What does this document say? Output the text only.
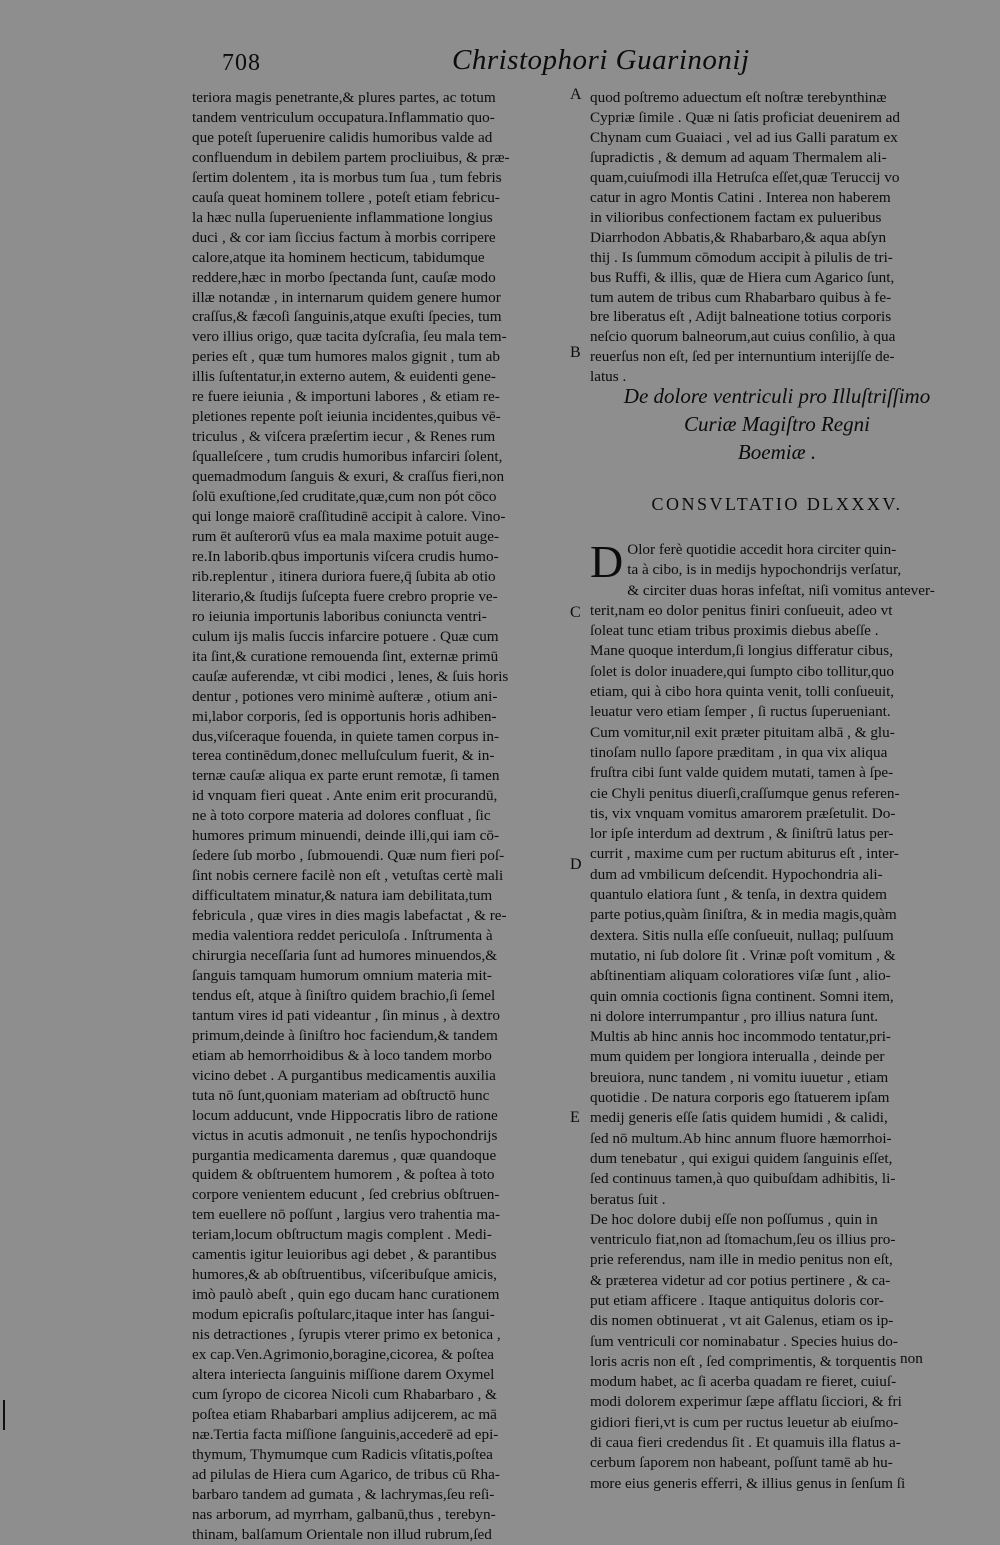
708	Christophori Guarinonij
teriora magis penetrante,& plures partes, ac totum
tandem ventriculum occupatura.Inflammatio quo-
que poteſt ſuperuenire calidis humoribus valde ad
confluendum in debilem partem procliuibus, & præ-
ſertim dolentem , ita is morbus tum ſua , tum febris
cauſa queat hominem tollere , poteſt etiam febricu-
la hæc nulla ſuperueniente inflammatione longius
duci , & cor iam ſiccius factum à morbis corripere
calore,atque ita hominem hecticum, tabidumque
reddere,hæc in morbo ſpectanda ſunt, cauſæ modo
illæ notandæ , in internarum quidem genere humor
craſſus,& fæcoſi ſanguinis,atque exuſti ſpecies, tum
vero illius origo, quæ tacita dyſcraſia, ſeu mala tem-
peries eſt , quæ tum humores malos gignit , tum ab
illis ſuſtentatur,in externo autem, & euidenti gene-
re fuere ieiunia , & importuni labores , & etiam re-
pletiones repente poſt ieiunia incidentes,quibus vē-
triculus , & viſcera præſertim iecur , & Renes rum
ſqualleſcere , tum crudis humoribus infarciri ſolent,
quemadmodum ſanguis & exuri, & craſſus fieri,non
ſolū exuſtione,ſed cruditate,quæ,cum non pót cōco
qui longe maiorē craſſitudinē accipit à calore. Vino-
rum ēt auſterorū vſus ea mala maxime potuit auge-
re.In laborib.qbus importunis viſcera crudis humo-
rib.replentur , itinera duriora fuere,q̄ ſubita ab otio
literario,& ſtudijs ſuſcepta fuere crebro proprie ve-
ro ieiunia importunis laboribus coniuncta ventri-
culum ijs malis ſuccis infarcire potuere . Quæ cum
ita ſint,& curatione remouenda ſint, externæ primū
cauſæ auferendæ, vt cibi modici , lenes, & ſuis horis
dentur , potiones vero minimè auſteræ , otium ani-
mi,labor corporis, ſed is opportunis horis adhiben-
dus,viſceraque fouenda, in quiete tamen corpus in-
terea continēdum,donec melluſculum fuerit, & in-
ternæ cauſæ aliqua ex parte erunt remotæ, ſi tamen
id vnquam fieri queat . Ante enim erit procurandū,
ne à toto corpore materia ad dolores confluat , ſic
humores primum minuendi, deinde illi,qui iam cō-
ſedere ſub morbo , ſubmouendi. Quæ num fieri poſ-
ſint nobis cernere facilè non eſt , vetuſtas certè mali
difficultatem minatur,& natura iam debilitata,tum
febricula , quæ vires in dies magis labefactat , & re-
media valentiora reddet periculoſa . Inſtrumenta à
chirurgia neceſſaria ſunt ad humores minuendos,&
ſanguis tamquam humorum omnium materia mit-
tendus eſt, atque à ſiniſtro quidem brachio,ſi ſemel
tantum vires id pati videantur , ſin minus , à dextro
primum,deinde à ſiniſtro hoc faciendum,& tandem
etiam ab hemorrhoidibus & à loco tandem morbo
vicino debet . A purgantibus medicamentis auxilia
tuta nō ſunt,quoniam materiam ad obſtructō hunc
locum adducunt, vnde Hippocratis libro de ratione
victus in acutis admonuit , ne tenſis hypochondrijs
purgantia medicamenta daremus , quæ quandoque
quidem & obſtruentem humorem , & poſtea à toto
corpore venientem educunt , ſed crebrius obſtruen-
tem euellere nō poſſunt , largius vero trahentia ma-
teriam,locum obſtructum magis complent . Medi-
camentis igitur leuioribus agi debet , & parantibus
humores,& ab obſtruentibus, viſceribuſque amicis,
imò paulò abeſt , quin ego ducam hanc curationem
modum epicraſis poſtularc,itaque inter has ſangui-
nis detractiones , ſyrupis vterer primo ex betonica ,
ex cap.Ven.Agrimonio,boragine,cicorea, & poſtea
altera interiecta ſanguinis miſſione darem Oxymel
cum ſyropo de cicorea Nicoli cum Rhabarbaro , &
poſtea etiam Rhabarbari amplius adijcerem, ac mā
næ.Tertia facta miſſione ſanguinis,accederē ad epi-
thymum, Thymumque cum Radicis vſitatis,poſtea
ad pilulas de Hiera cum Agarico, de tribus cū Rha-
barbaro tandem ad gumata , & lachrymas,ſeu reſi-
nas arborum, ad myrrham, galbanū,thus , terebyn-
thinam, balſamum Orientale non illud rubrum,ſed
quod poſtremo aduectum eſt noſtræ terebynthinæ
Cypriæ ſimile . Quæ ni ſatis proficiat deuenirem ad
Chynam cum Guaiaci , vel ad ius Galli paratum ex
ſupradictis , & demum ad aquam Thermalem ali-
quam,cuiuſmodi illa Hetruſca eſſet,quæ Teruccij vo
catur in agro Montis Catini . Interea non haberem
in vilioribus confectionem factam ex pulueribus
Diarrhodon Abbatis,& Rhabarbaro,& aqua abſyn
thij . Is ſummum cōmodum accipit à pilulis de tri-
bus Ruffi, & illis, quæ de Hiera cum Agarico ſunt,
tum autem de tribus cum Rhabarbaro quibus à fe-
bre liberatus eſt , Adijt balneatione totius corporis
neſcio quorum balneorum,aut cuius conſilio, à qua
reuerſus non eſt, ſed per internuntium interijſſe de-
latus .
De dolore ventriculi pro Illuſtriſſimo
Curiæ Magiſtro Regni
Boemiæ .
CONSVLTATIO DLXXXV.
D Olor ferè quotidie accedit hora circiter quin-
ta à cibo, is in medijs hypochondrijs verſatur,
& circiter duas horas infeſtat, niſi vomitus antever-
terit,nam eo dolor penitus finiri conſueuit, adeo vt
ſoleat tunc etiam tribus proximis diebus abeſſe .
Mane quoque interdum,ſi longius differatur cibus,
ſolet is dolor inuadere,qui ſumpto cibo tollitur,quo
etiam, qui à cibo hora quinta venit, tolli conſueuit,
leuatur vero etiam ſemper , ſi ructus ſuperueniant.
Cum vomitur,nil exit præter pituitam albā , & glu-
tinoſam nullo ſapore præditam , in qua vix aliqua
fruſtra cibi ſunt valde quidem mutati, tamen à ſpe-
cie Chyli penitus diuerſi,craſſumque genus referen-
tis, vix vnquam vomitus amarorem præſetulit. Do-
lor ipſe interdum ad dextrum , & ſiniſtrū latus per-
currit , maxime cum per ructum abiturus eſt , inter-
dum ad vmbilicum deſcendit. Hypochondria ali-
quantulo elatiora ſunt , & tenſa, in dextra quidem
parte potius,quàm ſiniſtra, & in media magis,quàm
dextera. Sitis nulla eſſe conſueuit, nullaq; pulſuum
mutatio, ni ſub dolore ſit . Vrinæ poſt vomitum , &
abſtinentiam aliquam coloratiores viſæ ſunt , alio-
quin omnia coctionis ſigna continent. Somni item,
ni dolore interrumpantur , pro illius natura ſunt.
Multis ab hinc annis hoc incommodo tentatur,pri-
mum quidem per longiora interualla , deinde per
breuiora, nunc tandem , ni vomitu iuuetur , etiam
quotidie . De natura corporis ego ſtatuerem ipſam
medij generis eſſe ſatis quidem humidi , & calidi,
ſed nō multum.Ab hinc annum fluore hæmorrhoi-
dum tenebatur , qui exigui quidem ſanguinis eſſet,
ſed continuus tamen,à quo quibuſdam adhibitis, li-
beratus ſuit .
De hoc dolore dubij eſſe non poſſumus , quin in
ventriculo fiat,non ad ſtomachum,ſeu os illius pro-
prie referendus, nam ille in medio penitus non eſt,
& præterea videtur ad cor potius pertinere , & ca-
put etiam afficere . Itaque antiquitus doloris cor-
dis nomen obtinuerat , vt ait Galenus, etiam os ip-
ſum ventriculi cor nominabatur . Species huius do-
loris acris non eſt , ſed comprimentis, & torquentis
modum habet, ac ſi acerba quadam re fieret, cuiuſ-
modi dolorem experimur ſæpe afflatu ſicciori, & fri
gidiori fieri,vt is cum per ructus leuetur ab eiuſmo-
di caua fieri credendus ſit . Et quamuis illa flatus a-
cerbum ſaporem non habeant, poſſunt tamē ab hu-
more eius generis efferri, & illius genus in ſenſum ſi
A
B
C
D
E
non
